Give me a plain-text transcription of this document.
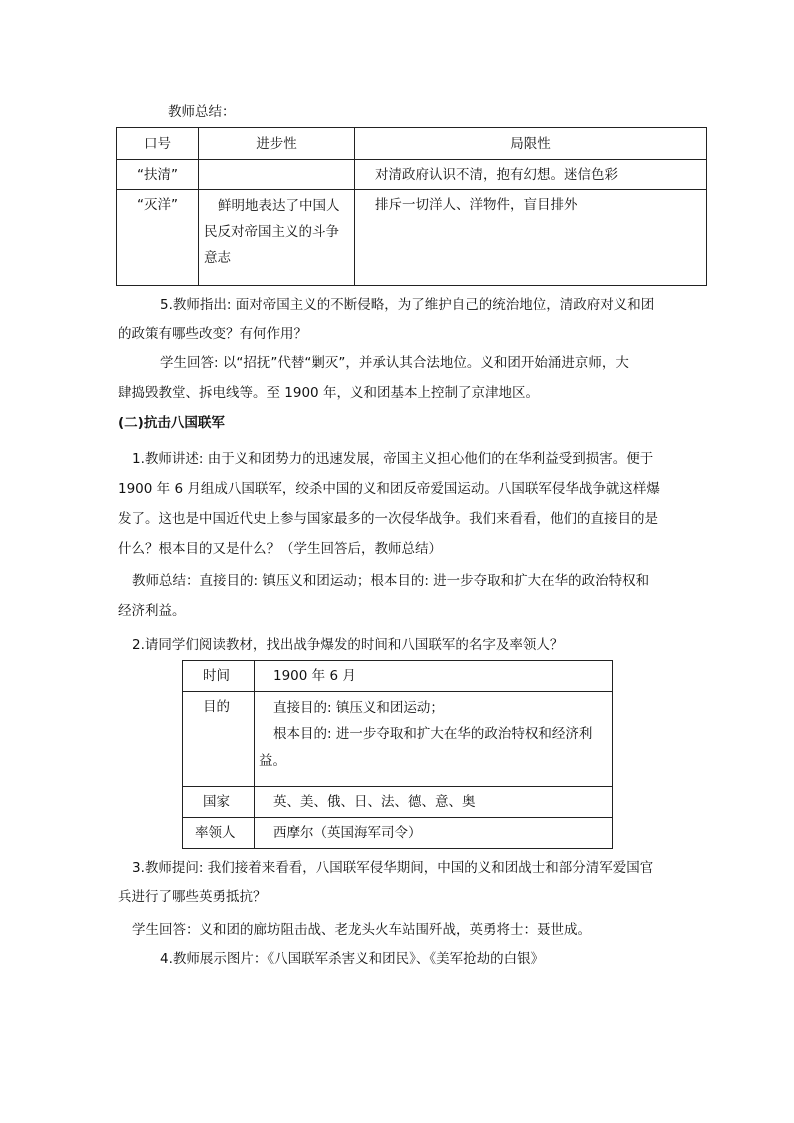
教师总结：
口号	进步性	局限性
“扶清”		对清政府认识不清，抱有幻想。迷信色彩
“灭洋”	鲜明地表达了中国人
民反对帝国主义的斗争
意志	排斥一切洋人、洋物件，盲目排外
5.教师指出: 面对帝国主义的不断侵略，为了维护自己的统治地位，清政府对义和团
的政策有哪些改变？有何作用？
学生回答: 以“招抚”代替“剿灭”，并承认其合法地位。义和团开始涌进京师，大
肆捣毁教堂、拆电线等。至 1900 年，义和团基本上控制了京津地区。
(二)抗击八国联军
1.教师讲述: 由于义和团势力的迅速发展，帝国主义担心他们的在华利益受到损害。便于
1900 年 6 月组成八国联军，绞杀中国的义和团反帝爱国运动。八国联军侵华战争就这样爆
发了。这也是中国近代史上参与国家最多的一次侵华战争。我们来看看，他们的直接目的是
什么？根本目的又是什么？（学生回答后，教师总结）
教师总结：直接目的: 镇压义和团运动；根本目的: 进一步夺取和扩大在华的政治特权和
经济利益。
2.请同学们阅读教材，找出战争爆发的时间和八国联军的名字及率领人？
时间	1900 年 6 月
目的	直接目的: 镇压义和团运动；
根本目的: 进一步夺取和扩大在华的政治特权和经济利
益。

国家	英、美、俄、日、法、德、意、奥
率领人	西摩尔（英国海军司令）
3.教师提问: 我们接着来看看，八国联军侵华期间，中国的义和团战士和部分清军爱国官
兵进行了哪些英勇抵抗？
学生回答：义和团的廊坊阻击战、老龙头火车站围歼战，英勇将士：聂世成。
4.教师展示图片：《八国联军杀害义和团民》、《美军抢劫的白银》
